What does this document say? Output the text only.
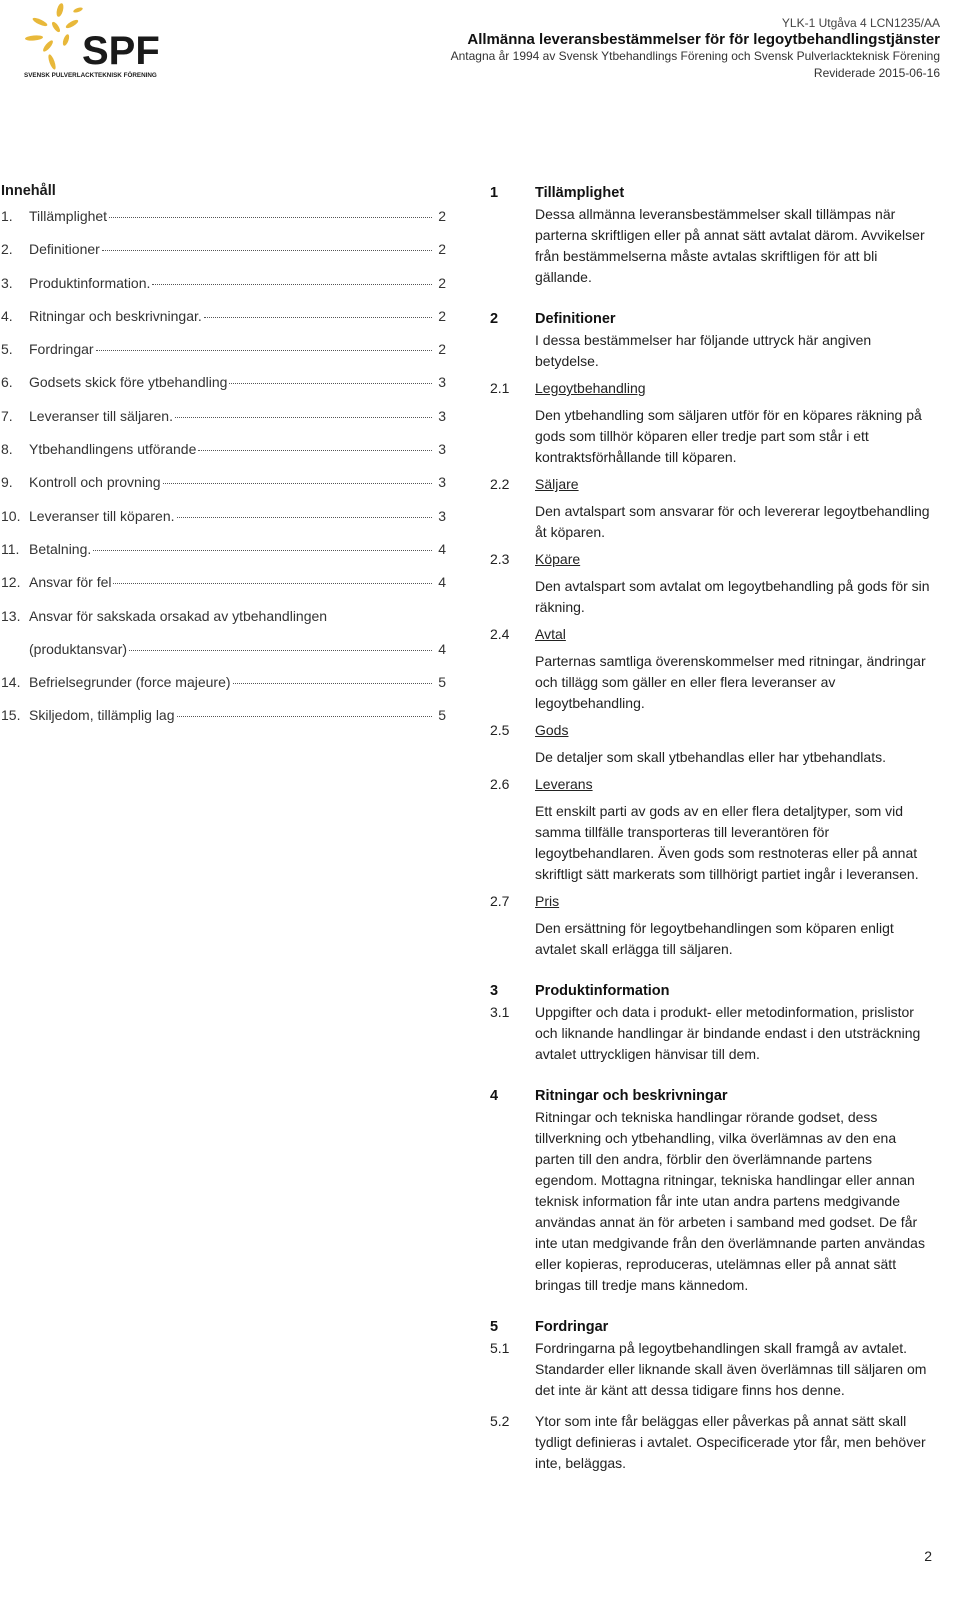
SPF
SVENSK PULVERLACKTEKNISK FÖRENING
YLK-1 Utgåva 4 LCN1235/AA
Allmänna leveransbestämmelser för för legoytbehandlingstjänster
Antagna år 1994 av Svensk Ytbehandlings Förening och Svensk Pulverlackteknisk Förening
Reviderade 2015-06-16
Innehåll
1.	Tillämplighet	2
2.	Definitioner	2
3.	Produktinformation.	2
4.	Ritningar och beskrivningar.	2
5.	Fordringar	2
6.	Godsets skick före ytbehandling	3
7.	Leveranser till säljaren.	3
8.	Ytbehandlingens utförande	3
9.	Kontroll och provning	3
10. Leveranser till köparen.	3
11. Betalning.	4
12. Ansvar för fel	4
13. Ansvar för sakskada orsakad av ytbehandlingen
(produktansvar)	4
14. Befrielsegrunder (force majeure)	5
15. Skiljedom, tillämplig lag	5
1	Tillämplighet
Dessa allmänna leveransbestämmelser skall tillämpas när parterna skriftligen eller på annat sätt avtalat därom. Avvikelser från bestämmelserna måste avtalas skriftligen för att bli gällande.
2	Definitioner
I dessa bestämmelser har följande uttryck här angiven betydelse.
2.1	Legoytbehandling
Den ytbehandling som säljaren utför för en köpares räkning på gods som tillhör köparen eller tredje part som står i ett kontraktsförhållande till köparen.
2.2	Säljare
Den avtalspart som ansvarar för och levererar legoytbehandling åt köparen.
2.3	Köpare
Den avtalspart som avtalat om legoytbehandling på gods för sin räkning.
2.4	Avtal
Parternas samtliga överenskommelser med ritningar, ändringar och tillägg som gäller en eller flera leveranser av legoytbehandling.
2.5	Gods
De detaljer som skall ytbehandlas eller har ytbehandlats.
2.6	Leverans
Ett enskilt parti av gods av en eller flera detaljtyper, som vid samma tillfälle transporteras till leverantören för legoytbehandlaren. Även gods som restnoteras eller på annat skriftligt sätt markerats som tillhörigt partiet ingår i leveransen.
2.7	Pris
Den ersättning för legoytbehandlingen som köparen enligt avtalet skall erlägga till säljaren.
3	Produktinformation
3.1	Uppgifter och data i produkt- eller metodinformation, prislistor och liknande handlingar är bindande endast i den utsträckning avtalet uttryckligen hänvisar till dem.
4	Ritningar och beskrivningar
Ritningar och tekniska handlingar rörande godset, dess tillverkning och ytbehandling, vilka överlämnas av den ena parten till den andra, förblir den överlämnande partens egendom. Mottagna ritningar, tekniska handlingar eller annan teknisk information får inte utan andra partens medgivande användas annat än för arbeten i samband med godset. De får inte utan medgivande från den överlämnande parten användas eller kopieras, reproduceras, utelämnas eller på annat sätt bringas till tredje mans kännedom.
5	Fordringar
5.1	Fordringarna på legoytbehandlingen skall framgå av avtalet. Standarder eller liknande skall även överlämnas till säljaren om det inte är känt att dessa tidigare finns hos denne.
5.2	Ytor som inte får beläggas eller påverkas på annat sätt skall tydligt definieras i avtalet. Ospecificerade ytor får, men behöver inte, beläggas.
2
